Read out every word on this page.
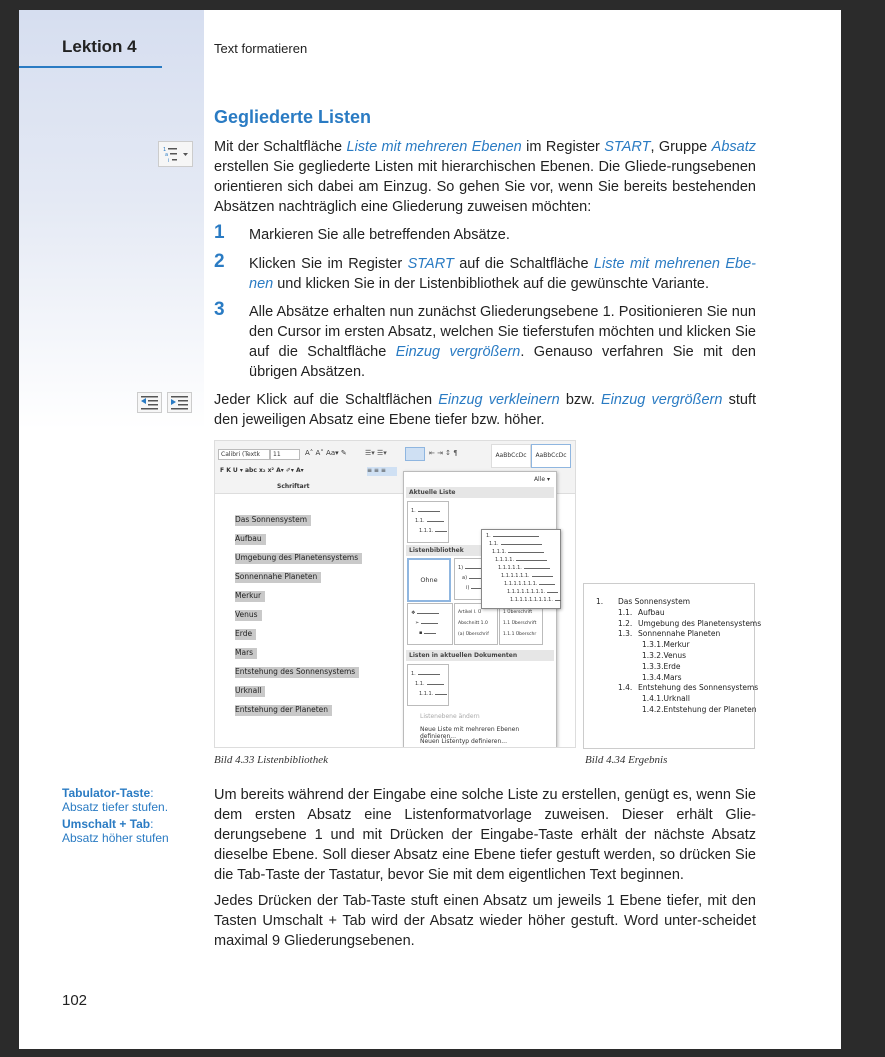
Lektion 4	Text formatieren
Gegliederte Listen
1
a
i
Mit der Schaltfläche Liste mit mehreren Ebenen im Register START, Gruppe Absatz erstellen Sie gegliederte Listen mit hierarchischen Ebenen. Die Gliede-rungsebenen orientieren sich dabei am Einzug. So gehen Sie vor, wenn Sie bereits bestehenden Absätzen nachträglich eine Gliederung zuweisen möchten:
1 Markieren Sie alle betreffenden Absätze.
2 Klicken Sie im Register START auf die Schaltfläche Liste mit mehrenen Ebe-nen und klicken Sie in der Listenbibliothek auf die gewünschte Variante.
3 Alle Absätze erhalten nun zunächst Gliederungsebene 1. Positionieren Sie nun den Cursor im ersten Absatz, welchen Sie tieferstufen möchten und klicken Sie auf die Schaltfläche Einzug vergrößern. Genauso verfahren Sie mit den übrigen Absätzen.
Jeder Klick auf die Schaltflächen Einzug verkleinern bzw. Einzug vergrößern stuft den jeweiligen Absatz eine Ebene tiefer bzw. höher.
Calibri (Textk	11	A˄ A˅ Aa▾ ✎
F K U ▾ abc x₂ x² A▾ ✐▾ A▾
Schriftart
☰▾ ☰▾
≡ ≡ ≡
⇤ ⇥ ↕ ¶	AaBbCcDc	AaBbCcDc
Das Sonnensystem
Aufbau
Umgebung des Planetensystems
Sonnennahe Planeten
Merkur
Venus
Erde
Mars
Entstehung des Sonnensystems
Urknall
Entstehung der Planeten
Alle ▾
Aktuelle Liste
1.
1.1.
1.1.1.
Listenbibliothek
Ohne
1)
a)
i)
❖
➢
▪
Artikel I. Ü
Abschnitt 1.0
(a) Überschrif
1 Überschrift
1.1 Überschrift
1.1.1 Überschr
Listen in aktuellen Dokumenten
1.
1.1.
1.1.1.
Listenebene ändern
Neue Liste mit mehreren Ebenen definieren...
Neuen Listentyp definieren...
1.
1.1.
1.1.1.
1.1.1.1.
1.1.1.1.1.
1.1.1.1.1.1.
1.1.1.1.1.1.1.
1.1.1.1.1.1.1.1.
1.1.1.1.1.1.1.1.1.
Bild 4.33 Listenbibliothek
1. Das Sonnensystem
1.1. Aufbau
1.2. Umgebung des Planetensystems
1.3. Sonnennahe Planeten
1.3.1.Merkur
1.3.2.Venus
1.3.3.Erde
1.3.4.Mars
1.4. Entstehung des Sonnensystems
1.4.1.Urknall
1.4.2.Entstehung der Planeten
Bild 4.34 Ergebnis
Tabulator-Taste:
Absatz tiefer stufen.
Umschalt + Tab:
Absatz höher stufen
Um bereits während der Eingabe eine solche Liste zu erstellen, genügt es, wenn Sie dem ersten Absatz eine Listenformatvorlage zuweisen. Dieser erhält Glie-derungsebene 1 und mit Drücken der Eingabe-Taste erhält der nächste Absatz dieselbe Ebene. Soll dieser Absatz eine Ebene tiefer gestuft werden, so drücken Sie die Tab-Taste der Tastatur, bevor Sie mit dem eigentlichen Text beginnen.
Jedes Drücken der Tab-Taste stuft einen Absatz um jeweils 1 Ebene tiefer, mit den Tasten Umschalt + Tab wird der Absatz wieder höher gestuft. Word unter-scheidet maximal 9 Gliederungsebenen.
102
